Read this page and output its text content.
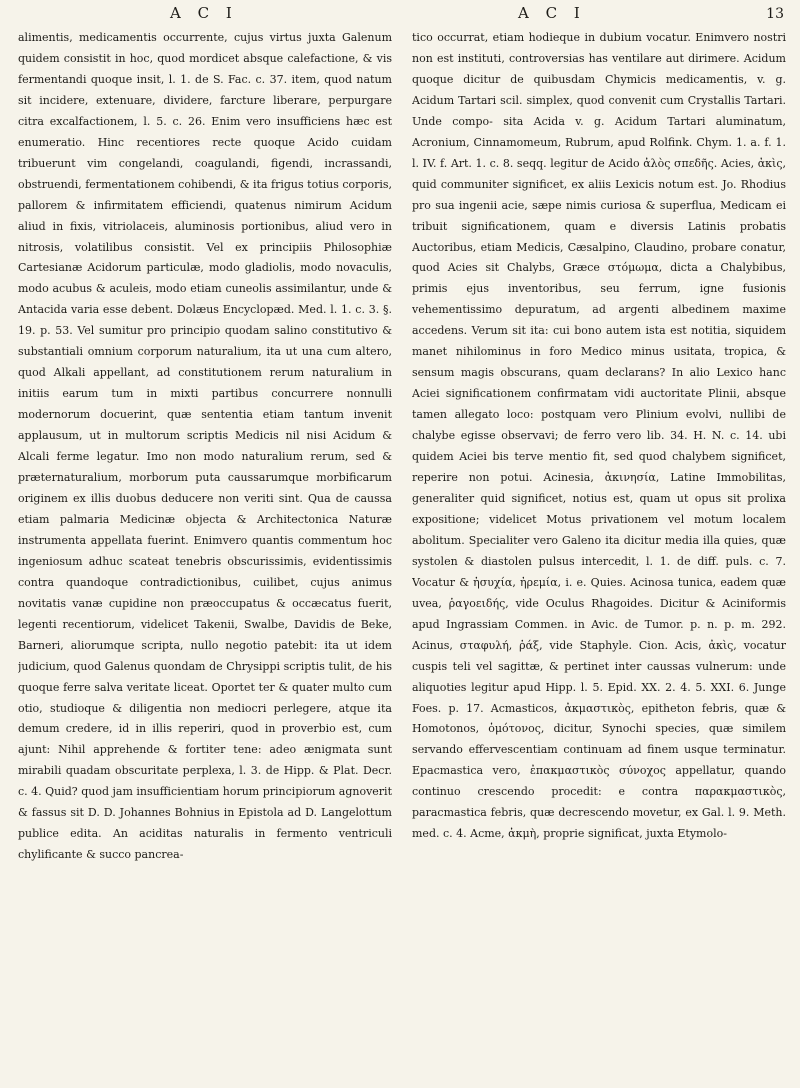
A C I	A C I	13

alimentis, medicamentis occurrente, cujus virtus juxta Galenum quidem consistit in hoc, quod mordicet absque calefactione, & vis fermentandi quoque insit, l. 1. de S. Fac. c. 37. item, quod natum sit incidere, extenuare, dividere, farcture liberare, perpurgare citra excalfactionem, l. 5. c. 26. Enim vero insufficiens hæc est enumeratio. Hinc recentiores recte quoque Acido cuidam tribuerunt vim congelandi, coagulandi, figendi, incrassandi, obstruendi, fermentationem cohibendi, & ita frigus totius corporis, pallorem & infirmitatem efficiendi, quatenus nimirum Acidum aliud in fixis, vitriolaceis, aluminosis portionibus, aliud vero in nitrosis, volatilibus consistit. Vel ex principiis Philosophiæ Cartesianæ Acidorum particulæ, modo gladiolis, modo novaculis, modo acubus & aculeis, modo etiam cuneolis assimilantur, unde & Antacida varia esse debent. Dolæus Encyclopæd. Med. l. 1. c. 3. §. 19. p. 53. Vel sumitur pro principio quodam salino constitutivo & substantiali omnium corporum naturalium, ita ut una cum altero, quod Alkali appellant, ad constitutionem rerum naturalium in initiis earum tum in mixti partibus concurrere nonnulli modernorum docuerint, quæ sententia etiam tantum invenit applausum, ut in multorum scriptis Medicis nil nisi Acidum & Alcali ferme legatur. Imo non modo naturalium rerum, sed & præternaturalium, morborum puta caussarumque morbificarum originem ex illis duobus deducere non veriti sint. Qua de caussa etiam palmaria Medicinæ objecta & Architectonica Naturæ instrumenta appellata fuerint. Enimvero quantis commentum hoc ingeniosum adhuc scateat tenebris obscurissimis, evidentissimis contra quandoque contradictionibus, cuilibet, cujus animus novitatis vanæ cupidine non præoccupatus & occæcatus fuerit, legenti recentiorum, videlicet Takenii, Swalbe, Davidis de Beke, Barneri, aliorumque scripta, nullo negotio patebit: ita ut idem judicium, quod Galenus quondam de Chrysippi scriptis tulit, de his quoque ferre salva veritate liceat. Oportet ter & quater multo cum otio, studioque & diligentia non mediocri perlegere, atque ita demum credere, id in illis reperiri, quod in proverbio est, cum ajunt: Nihil apprehende & fortiter tene: adeo ænigmata sunt mirabili quadam obscuritate perplexa, l. 3. de Hipp. & Plat. Decr. c. 4. Quid? quod jam insufficientiam horum principiorum agnoverit & fassus sit D. D. Johannes Bohnius in Epistola ad D. Langelottum publice edita. An aciditas naturalis in fermento ventriculi chylificante & succo pancrea-

tico occurrat, etiam hodieque in dubium vocatur. Enimvero nostri non est instituti, controversias has ventilare aut dirimere. Acidum quoque dicitur de quibusdam Chymicis medicamentis, v. g. Acidum Tartari scil. simplex, quod convenit cum Crystallis Tartari. Unde compo- sita Acida v. g. Acidum Tartari aluminatum, Acronium, Cinnamomeum, Rubrum, apud Rolfink. Chym. 1. a. f. 1. l. IV. f. Art. 1. c. 8. seqq. legitur de Acido ἀλὸς σπεδῆς. Acies, ἀκὶς, quid communiter significet, ex aliis Lexicis notum est. Jo. Rhodius pro sua ingenii acie, sæpe nimis curiosa & superflua, Medicam ei tribuit significationem, quam e diversis Latinis probatis Auctoribus, etiam Medicis, Cæsalpino, Claudino, probare conatur, quod Acies sit Chalybs, Græce στόμωμα, dicta a Chalybibus, primis ejus inventoribus, seu ferrum, igne fusionis vehementissimo depuratum, ad argenti albedinem maxime accedens. Verum sit ita: cui bono autem ista est notitia, siquidem manet nihilominus in foro Medico minus usitata, tropica, & sensum magis obscurans, quam declarans? In alio Lexico hanc Aciei significationem confirmatam vidi auctoritate Plinii, absque tamen allegato loco: postquam vero Plinium evolvi, nullibi de chalybe egisse observavi; de ferro vero lib. 34. H. N. c. 14. ubi quidem Aciei bis terve mentio fit, sed quod chalybem significet, reperire non potui. Acinesia, ἀκινησία, Latine Immobilitas, generaliter quid significet, notius est, quam ut opus sit prolixa expositione; videlicet Motus privationem vel motum localem abolitum. Specialiter vero Galeno ita dicitur media illa quies, quæ systolen & diastolen pulsus intercedit, l. 1. de diff. puls. c. 7. Vocatur & ἡσυχία, ἠρεμία, i. e. Quies. Acinosa tunica, eadem quæ uvea, ῥαγοειδής, vide Oculus Rhagoides. Dicitur & Aciniformis apud Ingrassiam Commen. in Avic. de Tumor. p. n. p. m. 292. Acinus, σταφυλή, ῥάξ, vide Staphyle. Cion. Acis, ἀκὶς, vocatur cuspis teli vel sagittæ, & pertinet inter caussas vulnerum: unde aliquoties legitur apud Hipp. l. 5. Epid. XX. 2. 4. 5. XXI. 6. Junge Foes. p. 17. Acmasticos, ἀκμαστικὸς, epitheton febris, quæ & Homotonos, ὁμότονος, dicitur, Synochi species, quæ similem servando effervescentiam continuam ad finem usque terminatur. Epacmastica vero, ἐπακμαστικὸς σύνοχος appellatur, quando continuo crescendo procedit: e contra παρακμαστικὸς, paracmastica febris, quæ decrescendo movetur, ex Gal. l. 9. Meth. med. c. 4. Acme, ἀκμὴ, proprie significat, juxta Etymolo-
